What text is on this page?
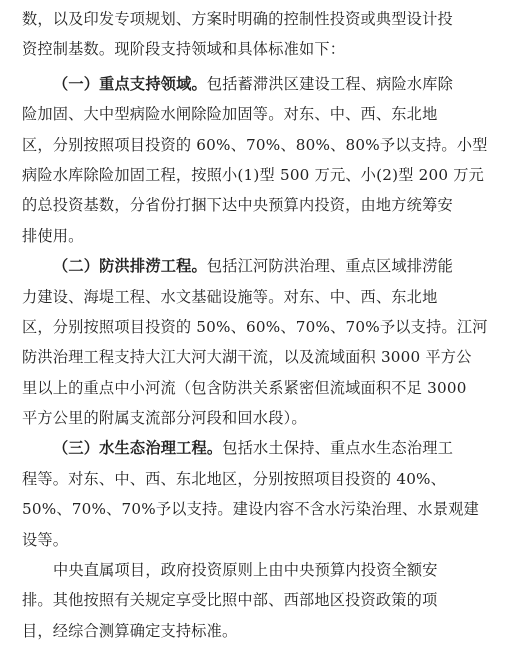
数，以及印发专项规划、方案时明确的控制性投资或典型设计投
资控制基数。现阶段支持领域和具体标准如下：
（一）重点支持领域。包括蓄滞洪区建设工程、病险水库除
险加固、大中型病险水闸除险加固等。对东、中、西、东北地
区，分别按照项目投资的 60%、70%、80%、80%予以支持。小型
病险水库除险加固工程，按照小(1)型 500 万元、小(2)型 200 万元
的总投资基数，分省份打捆下达中央预算内投资，由地方统筹安
排使用。
（二）防洪排涝工程。包括江河防洪治理、重点区域排涝能
力建设、海堤工程、水文基础设施等。对东、中、西、东北地
区，分别按照项目投资的 50%、60%、70%、70%予以支持。江河
防洪治理工程支持大江大河大湖干流，以及流域面积 3000 平方公
里以上的重点中小河流（包含防洪关系紧密但流域面积不足 3000
平方公里的附属支流部分河段和回水段）。
（三）水生态治理工程。包括水土保持、重点水生态治理工
程等。对东、中、西、东北地区，分别按照项目投资的 40%、
50%、70%、70%予以支持。建设内容不含水污染治理、水景观建
设等。
中央直属项目，政府投资原则上由中央预算内投资全额安
排。其他按照有关规定享受比照中部、西部地区投资政策的项
目，经综合测算确定支持标准。
